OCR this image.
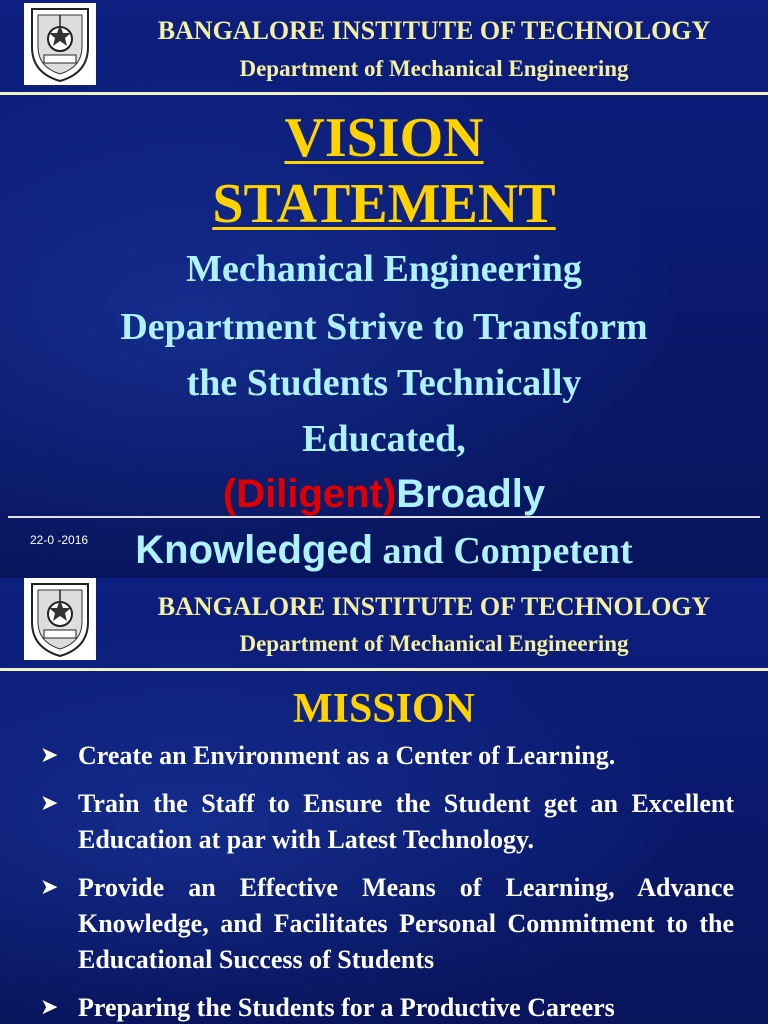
BANGALORE INSTITUTE OF TECHNOLOGY
Department of Mechanical Engineering
VISION
STATEMENT
Mechanical Engineering
Department Strive to Transform
the Students Technically
Educated,
(Diligent)Broadly
22-0 -2016	Knowledged and Competent
BANGALORE INSTITUTE OF TECHNOLOGY
Department of Mechanical Engineering
MISSION
➤ Create an Environment as a Center of Learning.
➤ Train the Staff to Ensure the Student get an Excellent Education at par with Latest Technology.
➤ Provide an Effective Means of Learning, Advance Knowledge, and Facilitates Personal Commitment to the Educational Success of Students
➤ Preparing the Students for a Productive Careers
